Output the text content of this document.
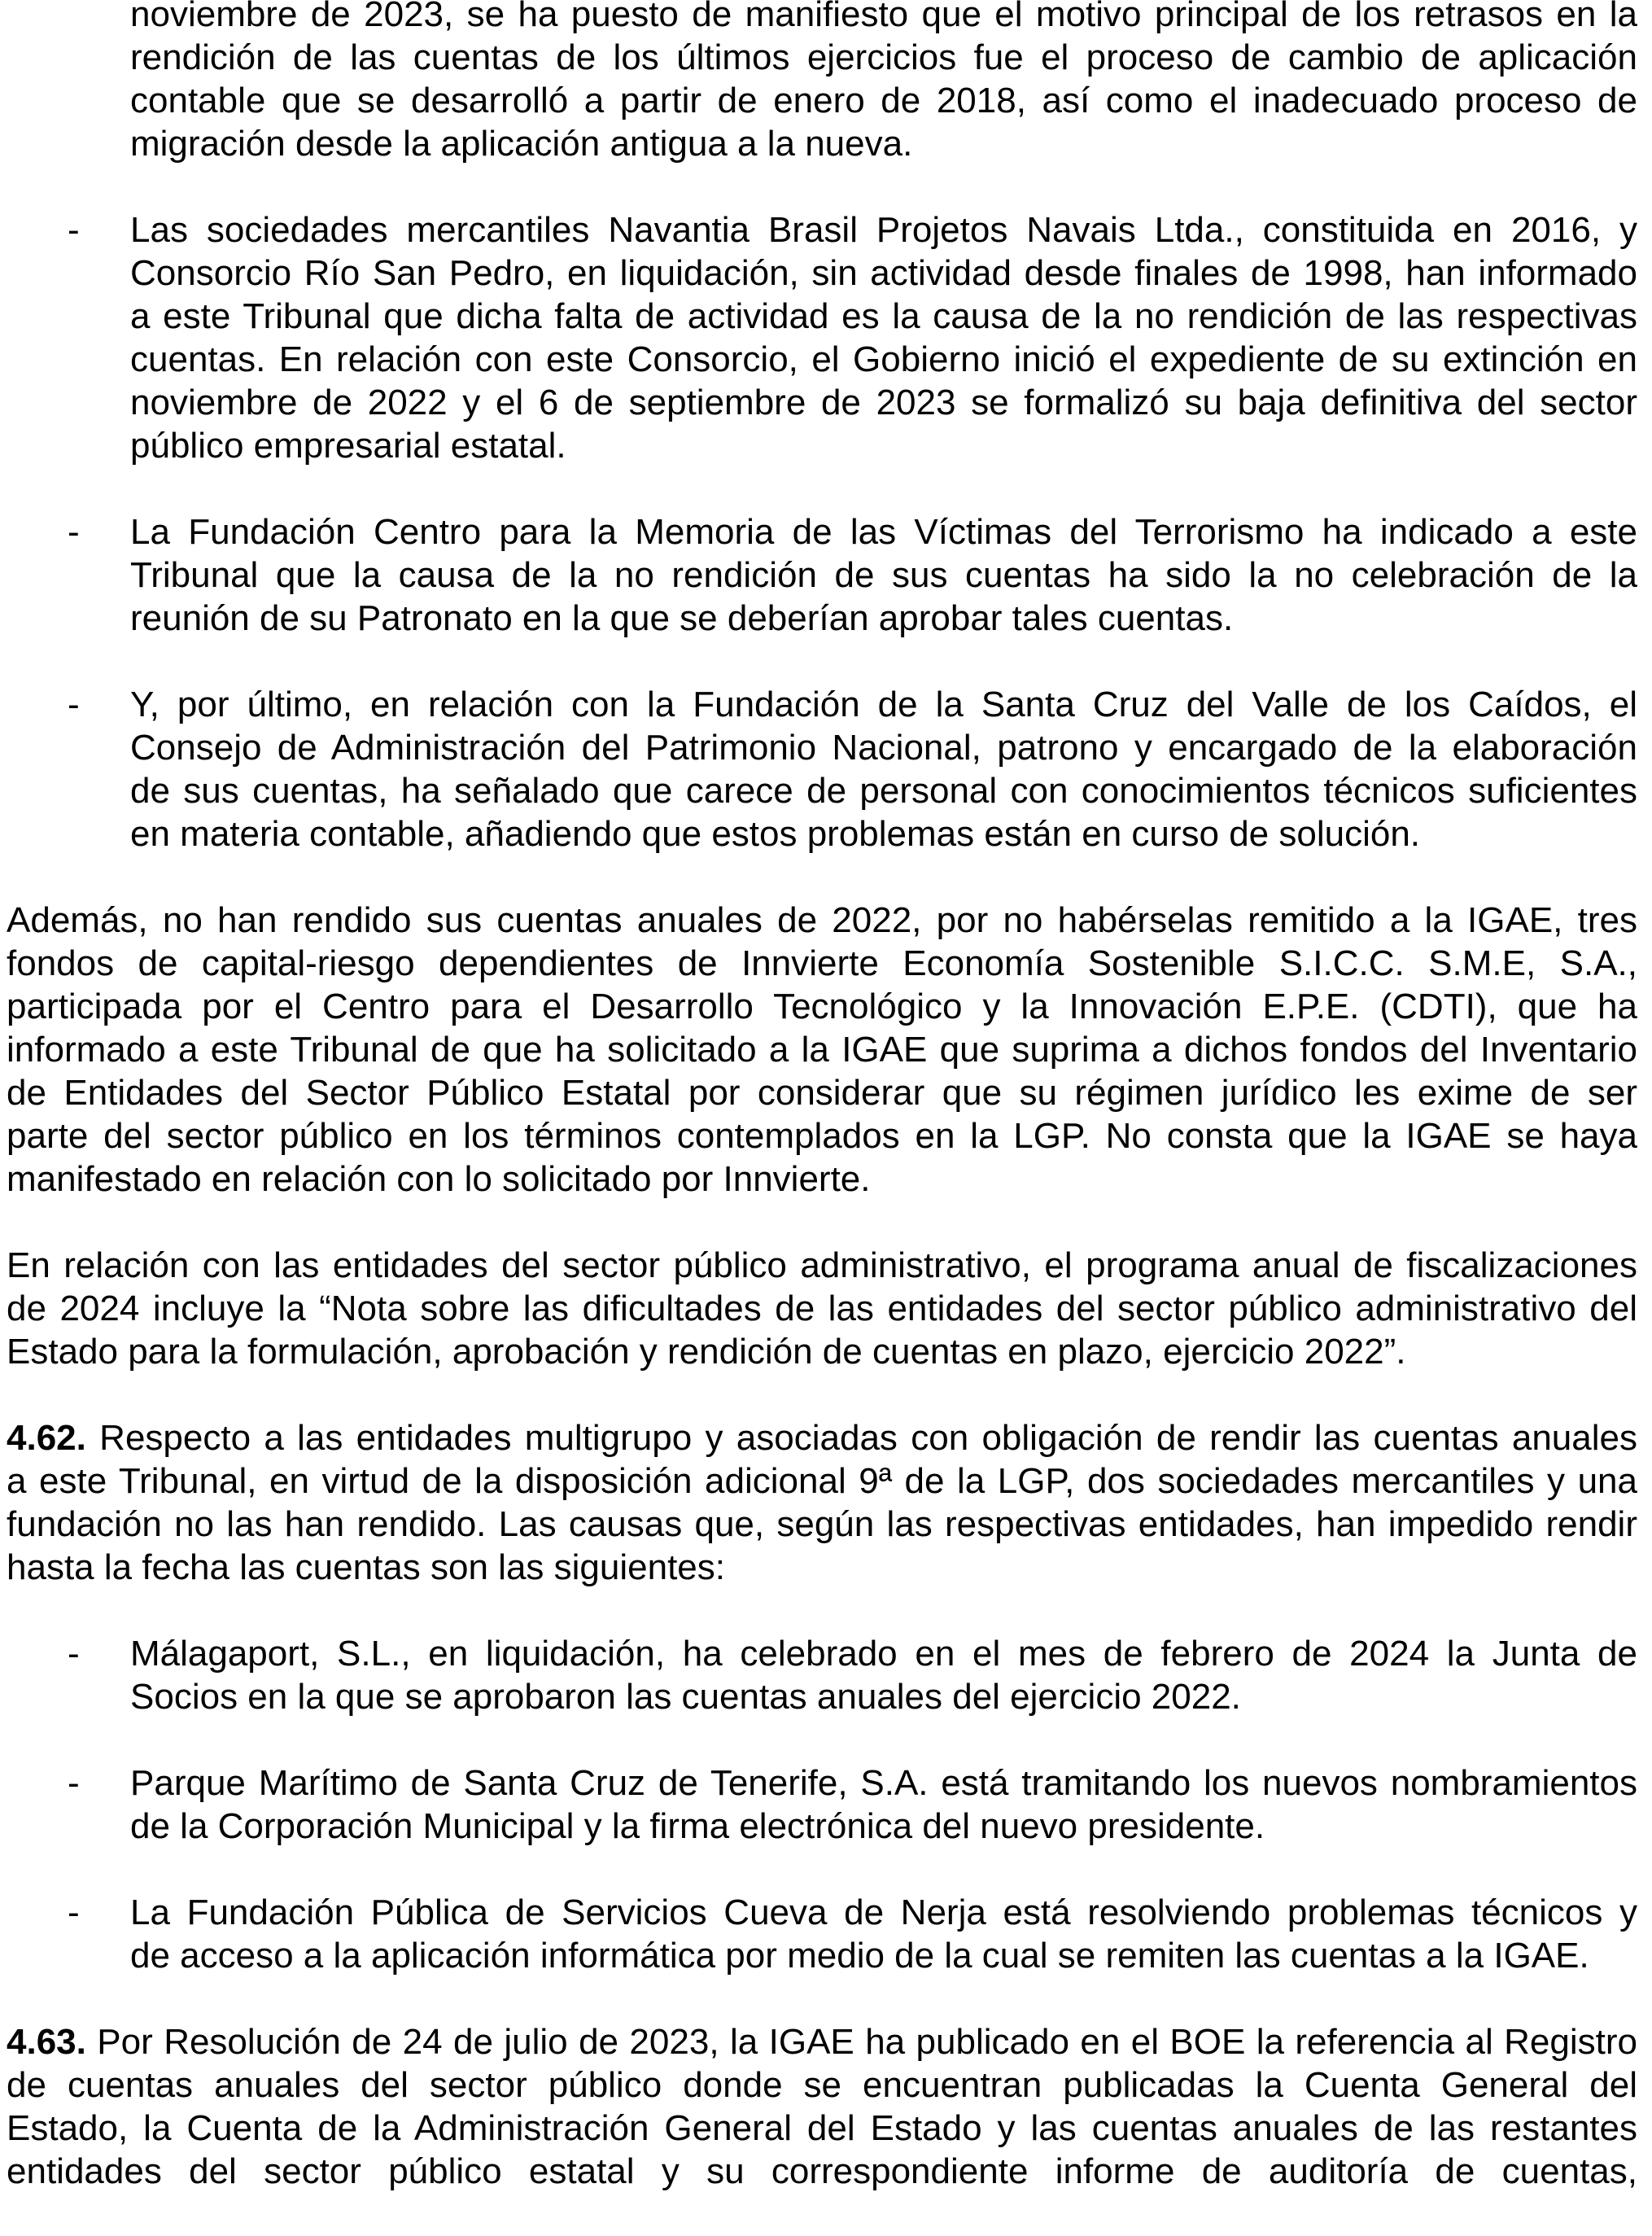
noviembre de 2023, se ha puesto de manifiesto que el motivo principal de los retrasos en la
rendición de las cuentas de los últimos ejercicios fue el proceso de cambio de aplicación
contable que se desarrolló a partir de enero de 2018, así como el inadecuado proceso de
migración desde la aplicación antigua a la nueva.
- Las sociedades mercantiles Navantia Brasil Projetos Navais Ltda., constituida en 2016, y
Consorcio Río San Pedro, en liquidación, sin actividad desde finales de 1998, han informado
a este Tribunal que dicha falta de actividad es la causa de la no rendición de las respectivas
cuentas. En relación con este Consorcio, el Gobierno inició el expediente de su extinción en
noviembre de 2022 y el 6 de septiembre de 2023 se formalizó su baja definitiva del sector
público empresarial estatal.
- La Fundación Centro para la Memoria de las Víctimas del Terrorismo ha indicado a este
Tribunal que la causa de la no rendición de sus cuentas ha sido la no celebración de la
reunión de su Patronato en la que se deberían aprobar tales cuentas.
- Y, por último, en relación con la Fundación de la Santa Cruz del Valle de los Caídos, el
Consejo de Administración del Patrimonio Nacional, patrono y encargado de la elaboración
de sus cuentas, ha señalado que carece de personal con conocimientos técnicos suficientes
en materia contable, añadiendo que estos problemas están en curso de solución.
Además, no han rendido sus cuentas anuales de 2022, por no habérselas remitido a la IGAE, tres
fondos de capital-riesgo dependientes de Innvierte Economía Sostenible S.I.C.C. S.M.E, S.A.,
participada por el Centro para el Desarrollo Tecnológico y la Innovación E.P.E. (CDTI), que ha
informado a este Tribunal de que ha solicitado a la IGAE que suprima a dichos fondos del Inventario
de Entidades del Sector Público Estatal por considerar que su régimen jurídico les exime de ser
parte del sector público en los términos contemplados en la LGP. No consta que la IGAE se haya
manifestado en relación con lo solicitado por Innvierte.
En relación con las entidades del sector público administrativo, el programa anual de fiscalizaciones
de 2024 incluye la “Nota sobre las dificultades de las entidades del sector público administrativo del
Estado para la formulación, aprobación y rendición de cuentas en plazo, ejercicio 2022”.
4.62. Respecto a las entidades multigrupo y asociadas con obligación de rendir las cuentas anuales
a este Tribunal, en virtud de la disposición adicional 9ª de la LGP, dos sociedades mercantiles y una
fundación no las han rendido. Las causas que, según las respectivas entidades, han impedido rendir
hasta la fecha las cuentas son las siguientes:
- Málagaport, S.L., en liquidación, ha celebrado en el mes de febrero de 2024 la Junta de
Socios en la que se aprobaron las cuentas anuales del ejercicio 2022.
- Parque Marítimo de Santa Cruz de Tenerife, S.A. está tramitando los nuevos nombramientos
de la Corporación Municipal y la firma electrónica del nuevo presidente.
- La Fundación Pública de Servicios Cueva de Nerja está resolviendo problemas técnicos y
de acceso a la aplicación informática por medio de la cual se remiten las cuentas a la IGAE.
4.63. Por Resolución de 24 de julio de 2023, la IGAE ha publicado en el BOE la referencia al Registro
de cuentas anuales del sector público donde se encuentran publicadas la Cuenta General del
Estado, la Cuenta de la Administración General del Estado y las cuentas anuales de las restantes
entidades del sector público estatal y su correspondiente informe de auditoría de cuentas,
